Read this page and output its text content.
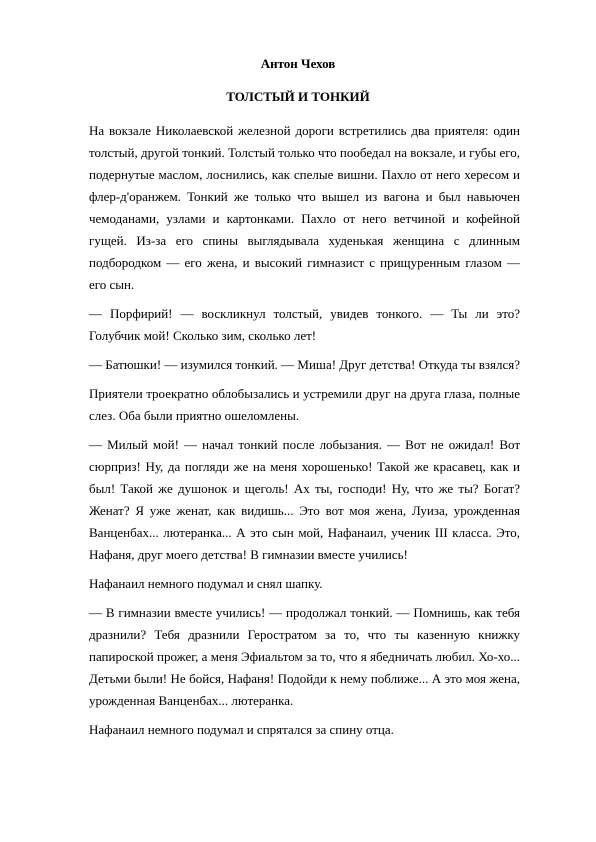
Антон Чехов
ТОЛСТЫЙ И ТОНКИЙ

На вокзале Николаевской железной дороги встретились два приятеля: один толстый, другой тонкий. Толстый только что пообедал на вокзале, и губы его, подернутые маслом, лоснились, как спелые вишни. Пахло от него хересом и флер-д'оранжем. Тонкий же только что вышел из вагона и был навьючен чемоданами, узлами и картонками. Пахло от него ветчиной и кофейной гущей. Из-за его спины выглядывала худенькая женщина с длинным подбородком — его жена, и высокий гимназист с прищуренным глазом — его сын.

— Порфирий! — воскликнул толстый, увидев тонкого. — Ты ли это? Голубчик мой! Сколько зим, сколько лет!

— Батюшки! — изумился тонкий. — Миша! Друг детства! Откуда ты взялся?

Приятели троекратно облобызались и устремили друг на друга глаза, полные слез. Оба были приятно ошеломлены.

— Милый мой! — начал тонкий после лобызания. — Вот не ожидал! Вот сюрприз! Ну, да погляди же на меня хорошенько! Такой же красавец, как и был! Такой же душонок и щеголь! Ах ты, господи! Ну, что же ты? Богат? Женат? Я уже женат, как видишь... Это вот моя жена, Луиза, урожденная Ванценбах... лютеранка... А это сын мой, Нафанаил, ученик III класса. Это, Нафаня, друг моего детства! В гимназии вместе учились!

Нафанаил немного подумал и снял шапку.

— В гимназии вместе учились! — продолжал тонкий. — Помнишь, как тебя дразнили? Тебя дразнили Геростратом за то, что ты казенную книжку папироской прожег, а меня Эфиальтом за то, что я ябедничать любил. Хо-хо... Детьми были! Не бойся, Нафаня! Подойди к нему поближе... А это моя жена, урожденная Ванценбах... лютеранка.

Нафанаил немного подумал и спрятался за спину отца.
